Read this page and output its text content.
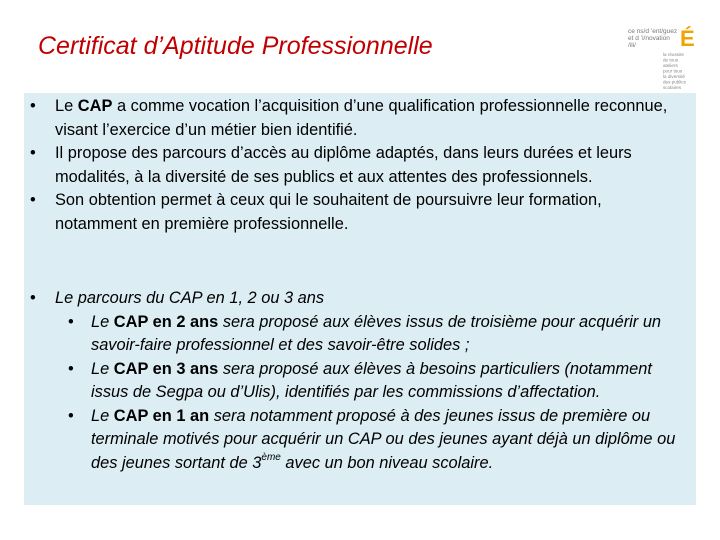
Certificat d’Aptitude Professionnelle
ce ns/d ’ent/guez
et d ’i/novation
/ili/ É
la réussite
de tous
ateliers
pour tous
la diversité
des publics
scolaires
• Le CAP a comme vocation l’acquisition d’une qualification professionnelle reconnue, visant l’exercice d’un métier bien identifié.
• Il propose des parcours d’accès au diplôme adaptés, dans leurs durées et leurs modalités, à la diversité de ses publics et aux attentes des professionnels.
• Son obtention permet à ceux qui le souhaitent de poursuivre leur formation, notamment en première professionnelle.
• Le parcours du CAP en 1, 2 ou 3 ans
• Le CAP en 2 ans sera proposé aux élèves issus de troisième pour acquérir un savoir-faire professionnel et des savoir-être solides ;
• Le CAP en 3 ans sera proposé aux élèves à besoins particuliers (notamment issus de Segpa ou d’Ulis), identifiés par les commissions d’affectation.
• Le CAP en 1 an sera notamment proposé à des jeunes issus de première ou terminale motivés pour acquérir un CAP ou des jeunes ayant déjà un diplôme ou des jeunes sortant de 3ème avec un bon niveau scolaire.
